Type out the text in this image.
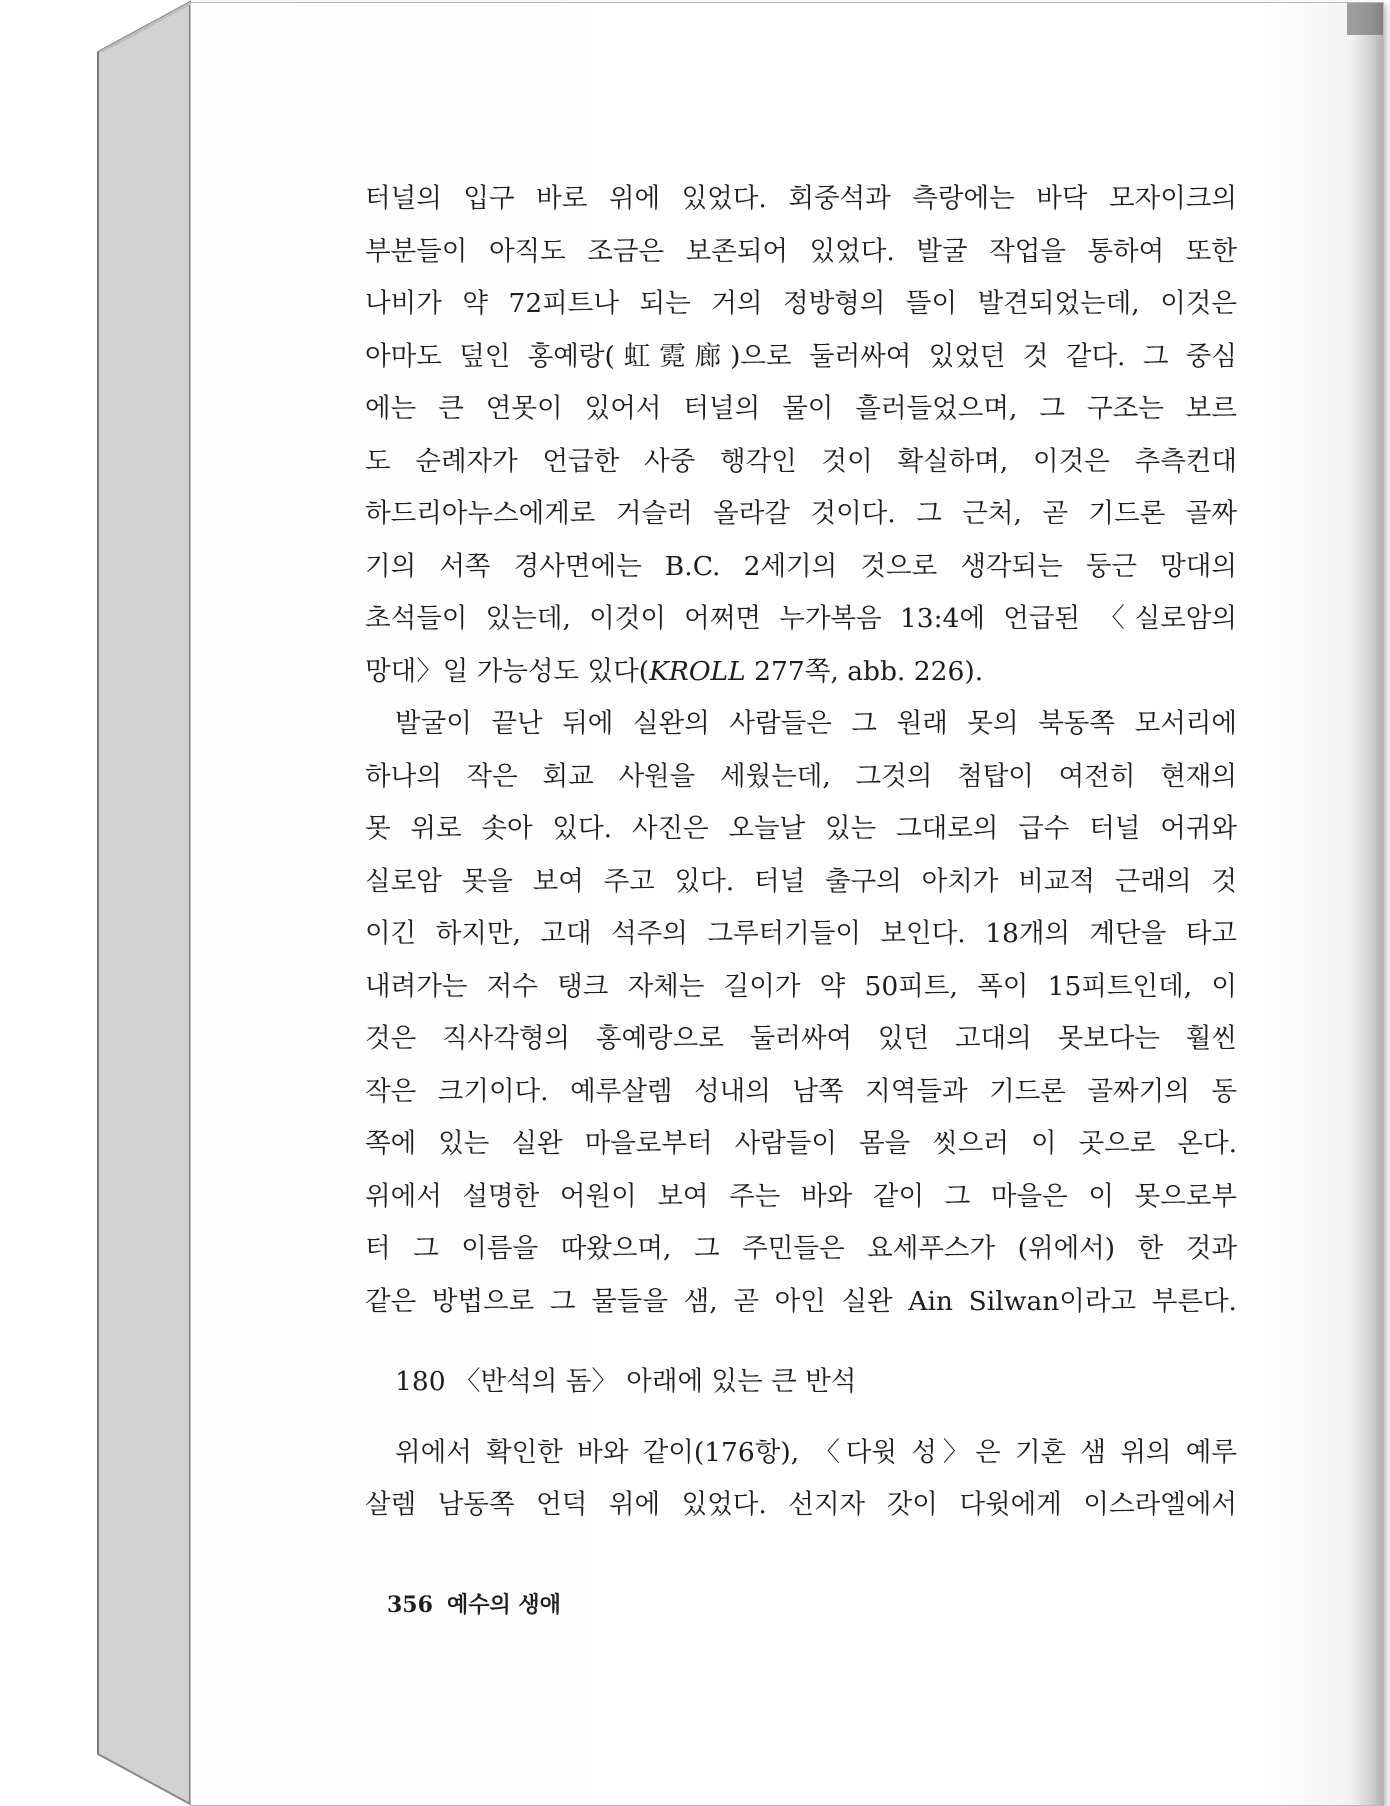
터널의 입구 바로 위에 있었다. 회중석과 측랑에는 바닥 모자이크의
부분들이 아직도 조금은 보존되어 있었다. 발굴 작업을 통하여 또한
나비가 약 72피트나 되는 거의 정방형의 뜰이 발견되었는데, 이것은
아마도 덮인 홍예랑(虹霓廊)으로 둘러싸여 있었던 것 같다. 그 중심
에는 큰 연못이 있어서 터널의 물이 흘러들었으며, 그 구조는 보르
도 순례자가 언급한 사중 행각인 것이 확실하며, 이것은 추측컨대
하드리아누스에게로 거슬러 올라갈 것이다. 그 근처, 곧 기드론 골짜
기의 서쪽 경사면에는 B.C. 2세기의 것으로 생각되는 둥근 망대의
초석들이 있는데, 이것이 어쩌면 누가복음 13:4에 언급된 〈실로암의
망대〉일 가능성도 있다(KROLL 277쪽, abb. 226).
발굴이 끝난 뒤에 실완의 사람들은 그 원래 못의 북동쪽 모서리에
하나의 작은 회교 사원을 세웠는데, 그것의 첨탑이 여전히 현재의
못 위로 솟아 있다. 사진은 오늘날 있는 그대로의 급수 터널 어귀와
실로암 못을 보여 주고 있다. 터널 출구의 아치가 비교적 근래의 것
이긴 하지만, 고대 석주의 그루터기들이 보인다. 18개의 계단을 타고
내려가는 저수 탱크 자체는 길이가 약 50피트, 폭이 15피트인데, 이
것은 직사각형의 홍예랑으로 둘러싸여 있던 고대의 못보다는 훨씬
작은 크기이다. 예루살렘 성내의 남쪽 지역들과 기드론 골짜기의 동
쪽에 있는 실완 마을로부터 사람들이 몸을 씻으러 이 곳으로 온다.
위에서 설명한 어원이 보여 주는 바와 같이 그 마을은 이 못으로부
터 그 이름을 따왔으며, 그 주민들은 요세푸스가 (위에서) 한 것과
같은 방법으로 그 물들을 샘, 곧 아인 실완 Ain Silwan이라고 부른다.
180 〈반석의 돔〉 아래에 있는 큰 반석
위에서 확인한 바와 같이(176항), 〈다윗 성〉은 기혼 샘 위의 예루
살렘 남동쪽 언덕 위에 있었다. 선지자 갓이 다윗에게 이스라엘에서
356 예수의 생애
